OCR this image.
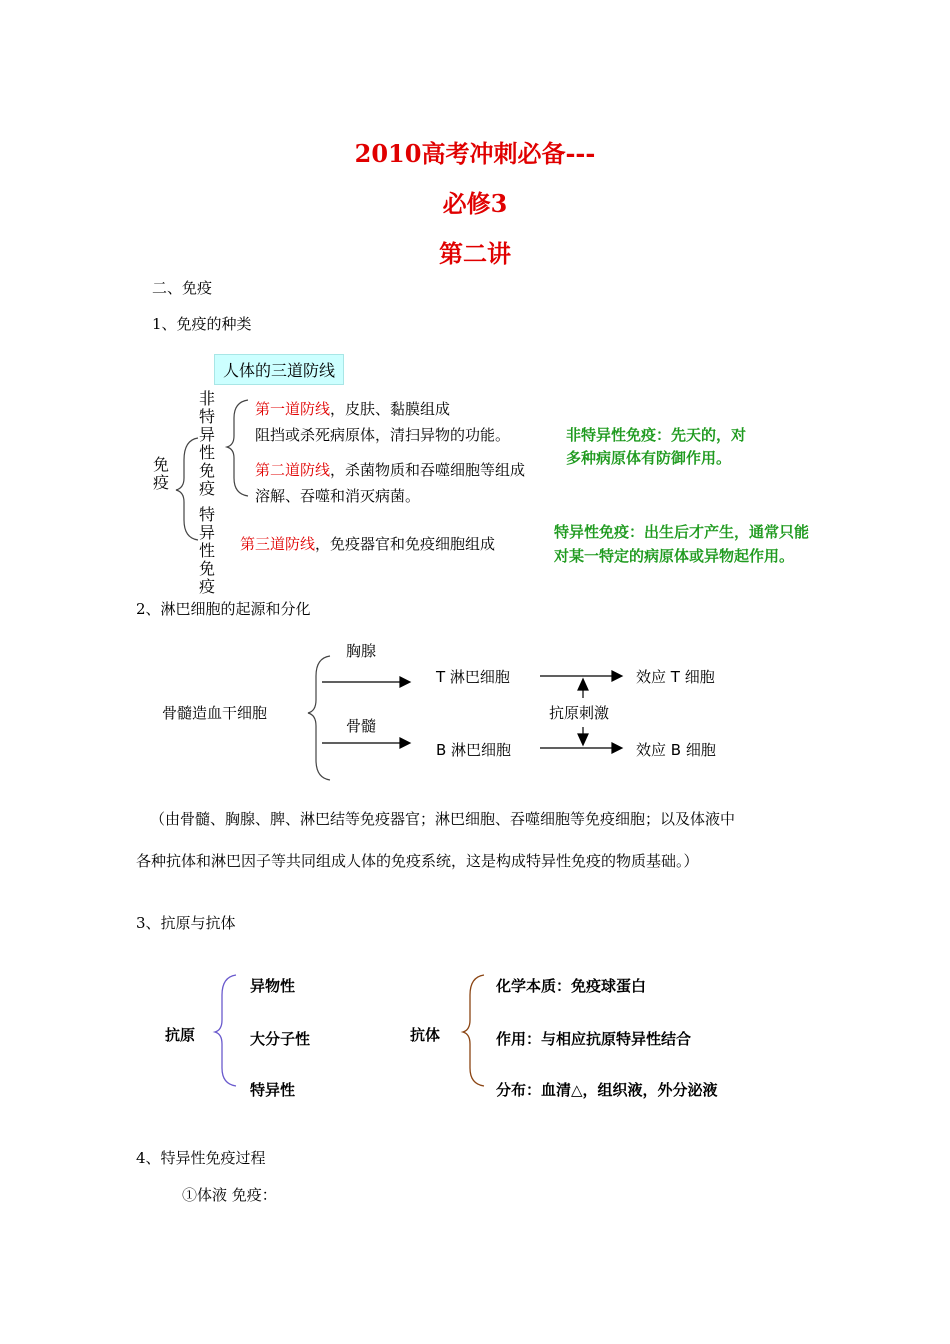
2010高考冲刺必备---
必修3
第二讲
二、免疫
1、免疫的种类
人体的三道防线
免疫
非特异性免疫
特异性免疫
第一道防线，皮肤、黏膜组成
阻挡或杀死病原体，清扫异物的功能。
第二道防线，杀菌物质和吞噬细胞等组成
溶解、吞噬和消灭病菌。
第三道防线，免疫器官和免疫细胞组成
非特异性免疫：先天的，对
多种病原体有防御作用。
特异性免疫：出生后才产生，通常只能
对某一特定的病原体或异物起作用。
2、淋巴细胞的起源和分化
骨髓造血干细胞
胸腺
骨髓
T 淋巴细胞
B 淋巴细胞
抗原刺激
效应 T 细胞
效应 B 细胞
（由骨髓、胸腺、脾、淋巴结等免疫器官；淋巴细胞、吞噬细胞等免疫细胞；以及体液中
各种抗体和淋巴因子等共同组成人体的免疫系统，这是构成特异性免疫的物质基础。）
3、抗原与抗体
抗原
异物性
大分子性
特异性
抗体
化学本质：免疫球蛋白
作用：与相应抗原特异性结合
分布：血清△，组织液，外分泌液
4、特异性免疫过程
①体液 免疫：
